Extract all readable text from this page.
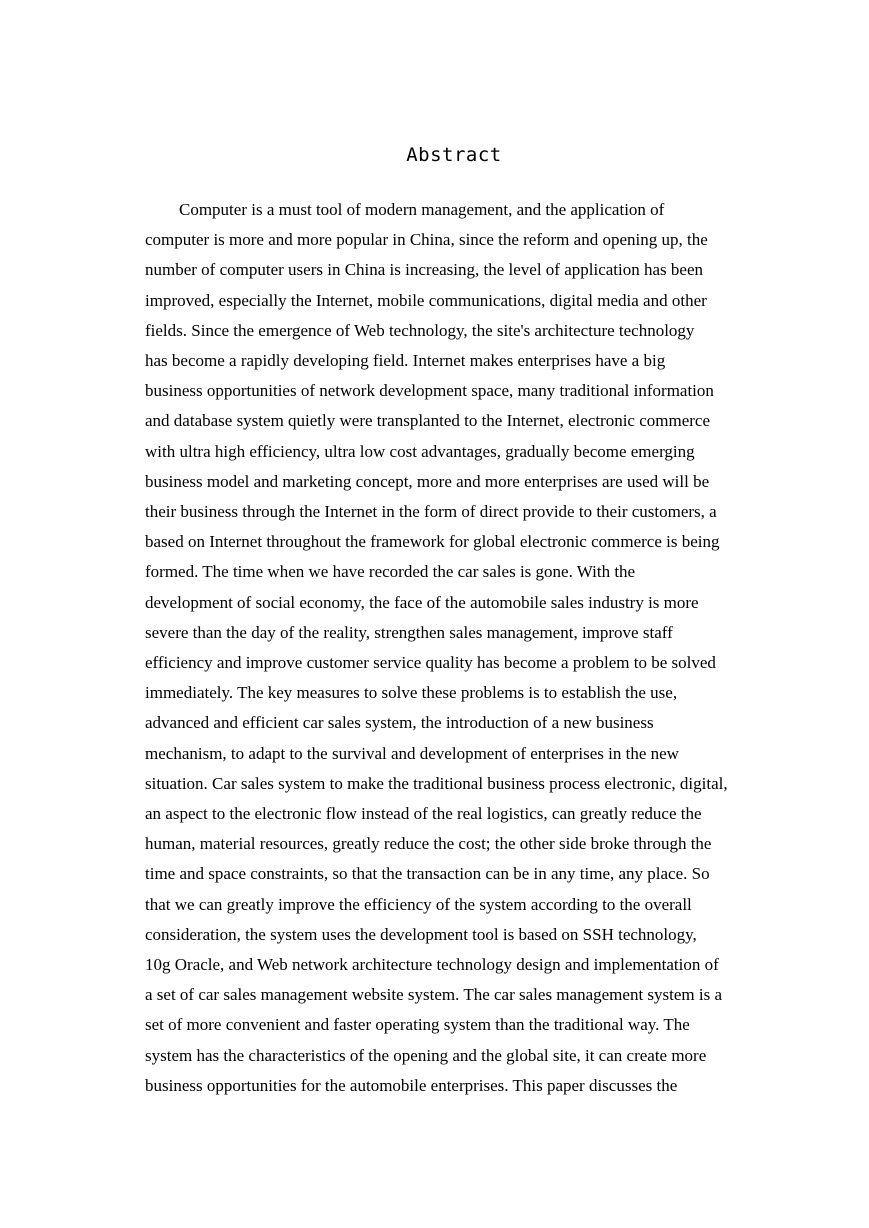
Abstract
Computer is a must tool of modern management, and the application of
computer is more and more popular in China, since the reform and opening up, the
number of computer users in China is increasing, the level of application has been
improved, especially the Internet, mobile communications, digital media and other
fields. Since the emergence of Web technology, the site's architecture technology
has become a rapidly developing field. Internet makes enterprises have a big
business opportunities of network development space, many traditional information
and database system quietly were transplanted to the Internet, electronic commerce
with ultra high efficiency, ultra low cost advantages, gradually become emerging
business model and marketing concept, more and more enterprises are used will be
their business through the Internet in the form of direct provide to their customers, a
based on Internet throughout the framework for global electronic commerce is being
formed. The time when we have recorded the car sales is gone. With the
development of social economy, the face of the automobile sales industry is more
severe than the day of the reality, strengthen sales management, improve staff
efficiency and improve customer service quality has become a problem to be solved
immediately. The key measures to solve these problems is to establish the use,
advanced and efficient car sales system, the introduction of a new business
mechanism, to adapt to the survival and development of enterprises in the new
situation. Car sales system to make the traditional business process electronic, digital,
an aspect to the electronic flow instead of the real logistics, can greatly reduce the
human, material resources, greatly reduce the cost; the other side broke through the
time and space constraints, so that the transaction can be in any time, any place. So
that we can greatly improve the efficiency of the system according to the overall
consideration, the system uses the development tool is based on SSH technology,
10g Oracle, and Web network architecture technology design and implementation of
a set of car sales management website system. The car sales management system is a
set of more convenient and faster operating system than the traditional way. The
system has the characteristics of the opening and the global site, it can create more
business opportunities for the automobile enterprises. This paper discusses the
